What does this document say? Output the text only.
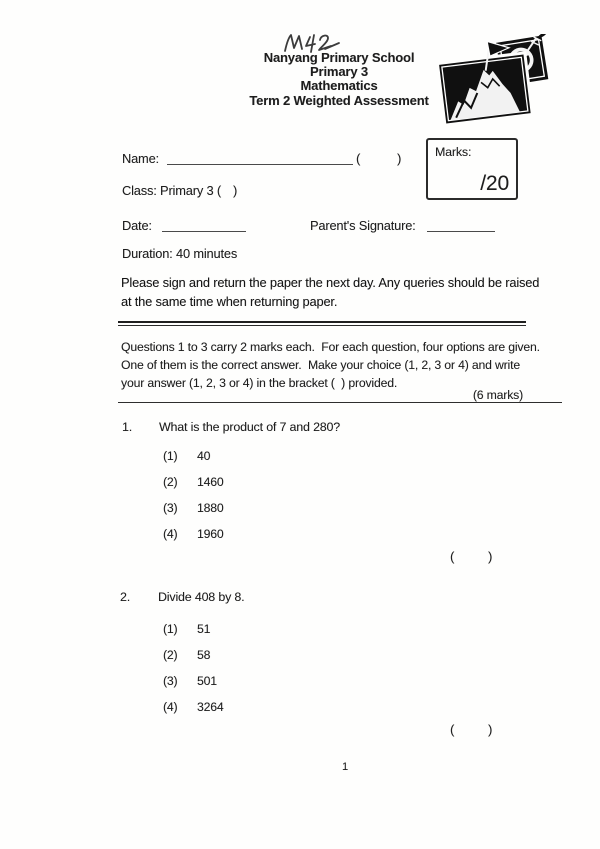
Nanyang Primary School
Primary 3
Mathematics
Term 2 Weighted Assessment
Name:	(	)	Marks:
/20
Class: Primary 3 ( )
Date:	Parent's Signature:
Duration: 40 minutes
Please sign and return the paper the next day. Any queries should be raised
at the same time when returning paper.
Questions 1 to 3 carry 2 marks each.  For each question, four options are given.
One of them is the correct answer.  Make your choice (1, 2, 3 or 4) and write
your answer (1, 2, 3 or 4) in the bracket (  ) provided.
(6 marks)
1. What is the product of 7 and 280?
(1) 40
(2) 1460
(3) 1880
(4) 1960
(	)
2. Divide 408 by 8.
(1) 51
(2) 58
(3) 501
(4) 3264
(	)
1
